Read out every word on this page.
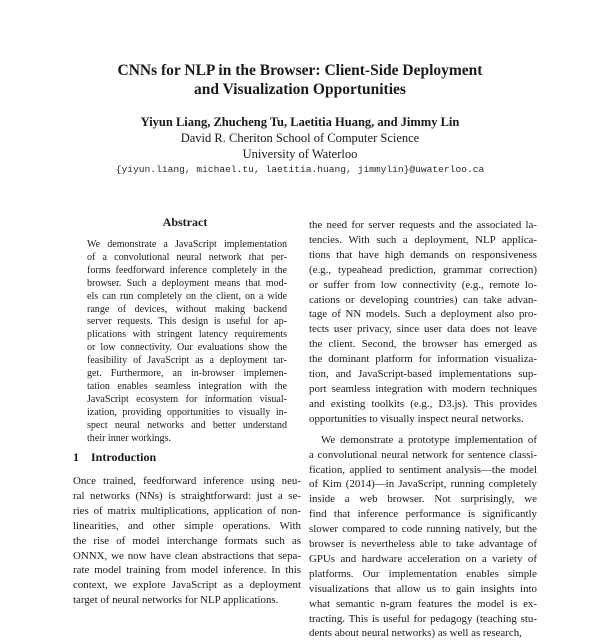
CNNs for NLP in the Browser: Client-Side Deployment
and Visualization Opportunities
Yiyun Liang, Zhucheng Tu, Laetitia Huang, and Jimmy Lin
David R. Cheriton School of Computer Science
University of Waterloo
{yiyun.liang, michael.tu, laetitia.huang, jimmylin}@uwaterloo.ca
Abstract
We demonstrate a JavaScript implementation
of a convolutional neural network that per-
forms feedforward inference completely in the
browser. Such a deployment means that mod-
els can run completely on the client, on a wide
range of devices, without making backend
server requests. This design is useful for ap-
plications with stringent latency requirements
or low connectivity. Our evaluations show the
feasibility of JavaScript as a deployment tar-
get. Furthermore, an in-browser implemen-
tation enables seamless integration with the
JavaScript ecosystem for information visual-
ization, providing opportunities to visually in-
spect neural networks and better understand
their inner workings.
1 Introduction
Once trained, feedforward inference using neu-
ral networks (NNs) is straightforward: just a se-
ries of matrix multiplications, application of non-
linearities, and other simple operations. With
the rise of model interchange formats such as
ONNX, we now have clean abstractions that sepa-
rate model training from model inference. In this
context, we explore JavaScript as a deployment
target of neural networks for NLP applications.
the need for server requests and the associated la-
tencies. With such a deployment, NLP applica-
tions that have high demands on responsiveness
(e.g., typeahead prediction, grammar correction)
or suffer from low connectivity (e.g., remote lo-
cations or developing countries) can take advan-
tage of NN models. Such a deployment also pro-
tects user privacy, since user data does not leave
the client. Second, the browser has emerged as
the dominant platform for information visualiza-
tion, and JavaScript-based implementations sup-
port seamless integration with modern techniques
and existing toolkits (e.g., D3.js). This provides
opportunities to visually inspect neural networks.
We demonstrate a prototype implementation of
a convolutional neural network for sentence classi-
fication, applied to sentiment analysis—the model
of Kim (2014)—in JavaScript, running completely
inside a web browser. Not surprisingly, we
find that inference performance is significantly
slower compared to code running natively, but the
browser is nevertheless able to take advantage of
GPUs and hardware acceleration on a variety of
platforms. Our implementation enables simple
visualizations that allow us to gain insights into
what semantic n-gram features the model is ex-
tracting. This is useful for pedagogy (teaching stu-
dents about neural networks) as well as research,
